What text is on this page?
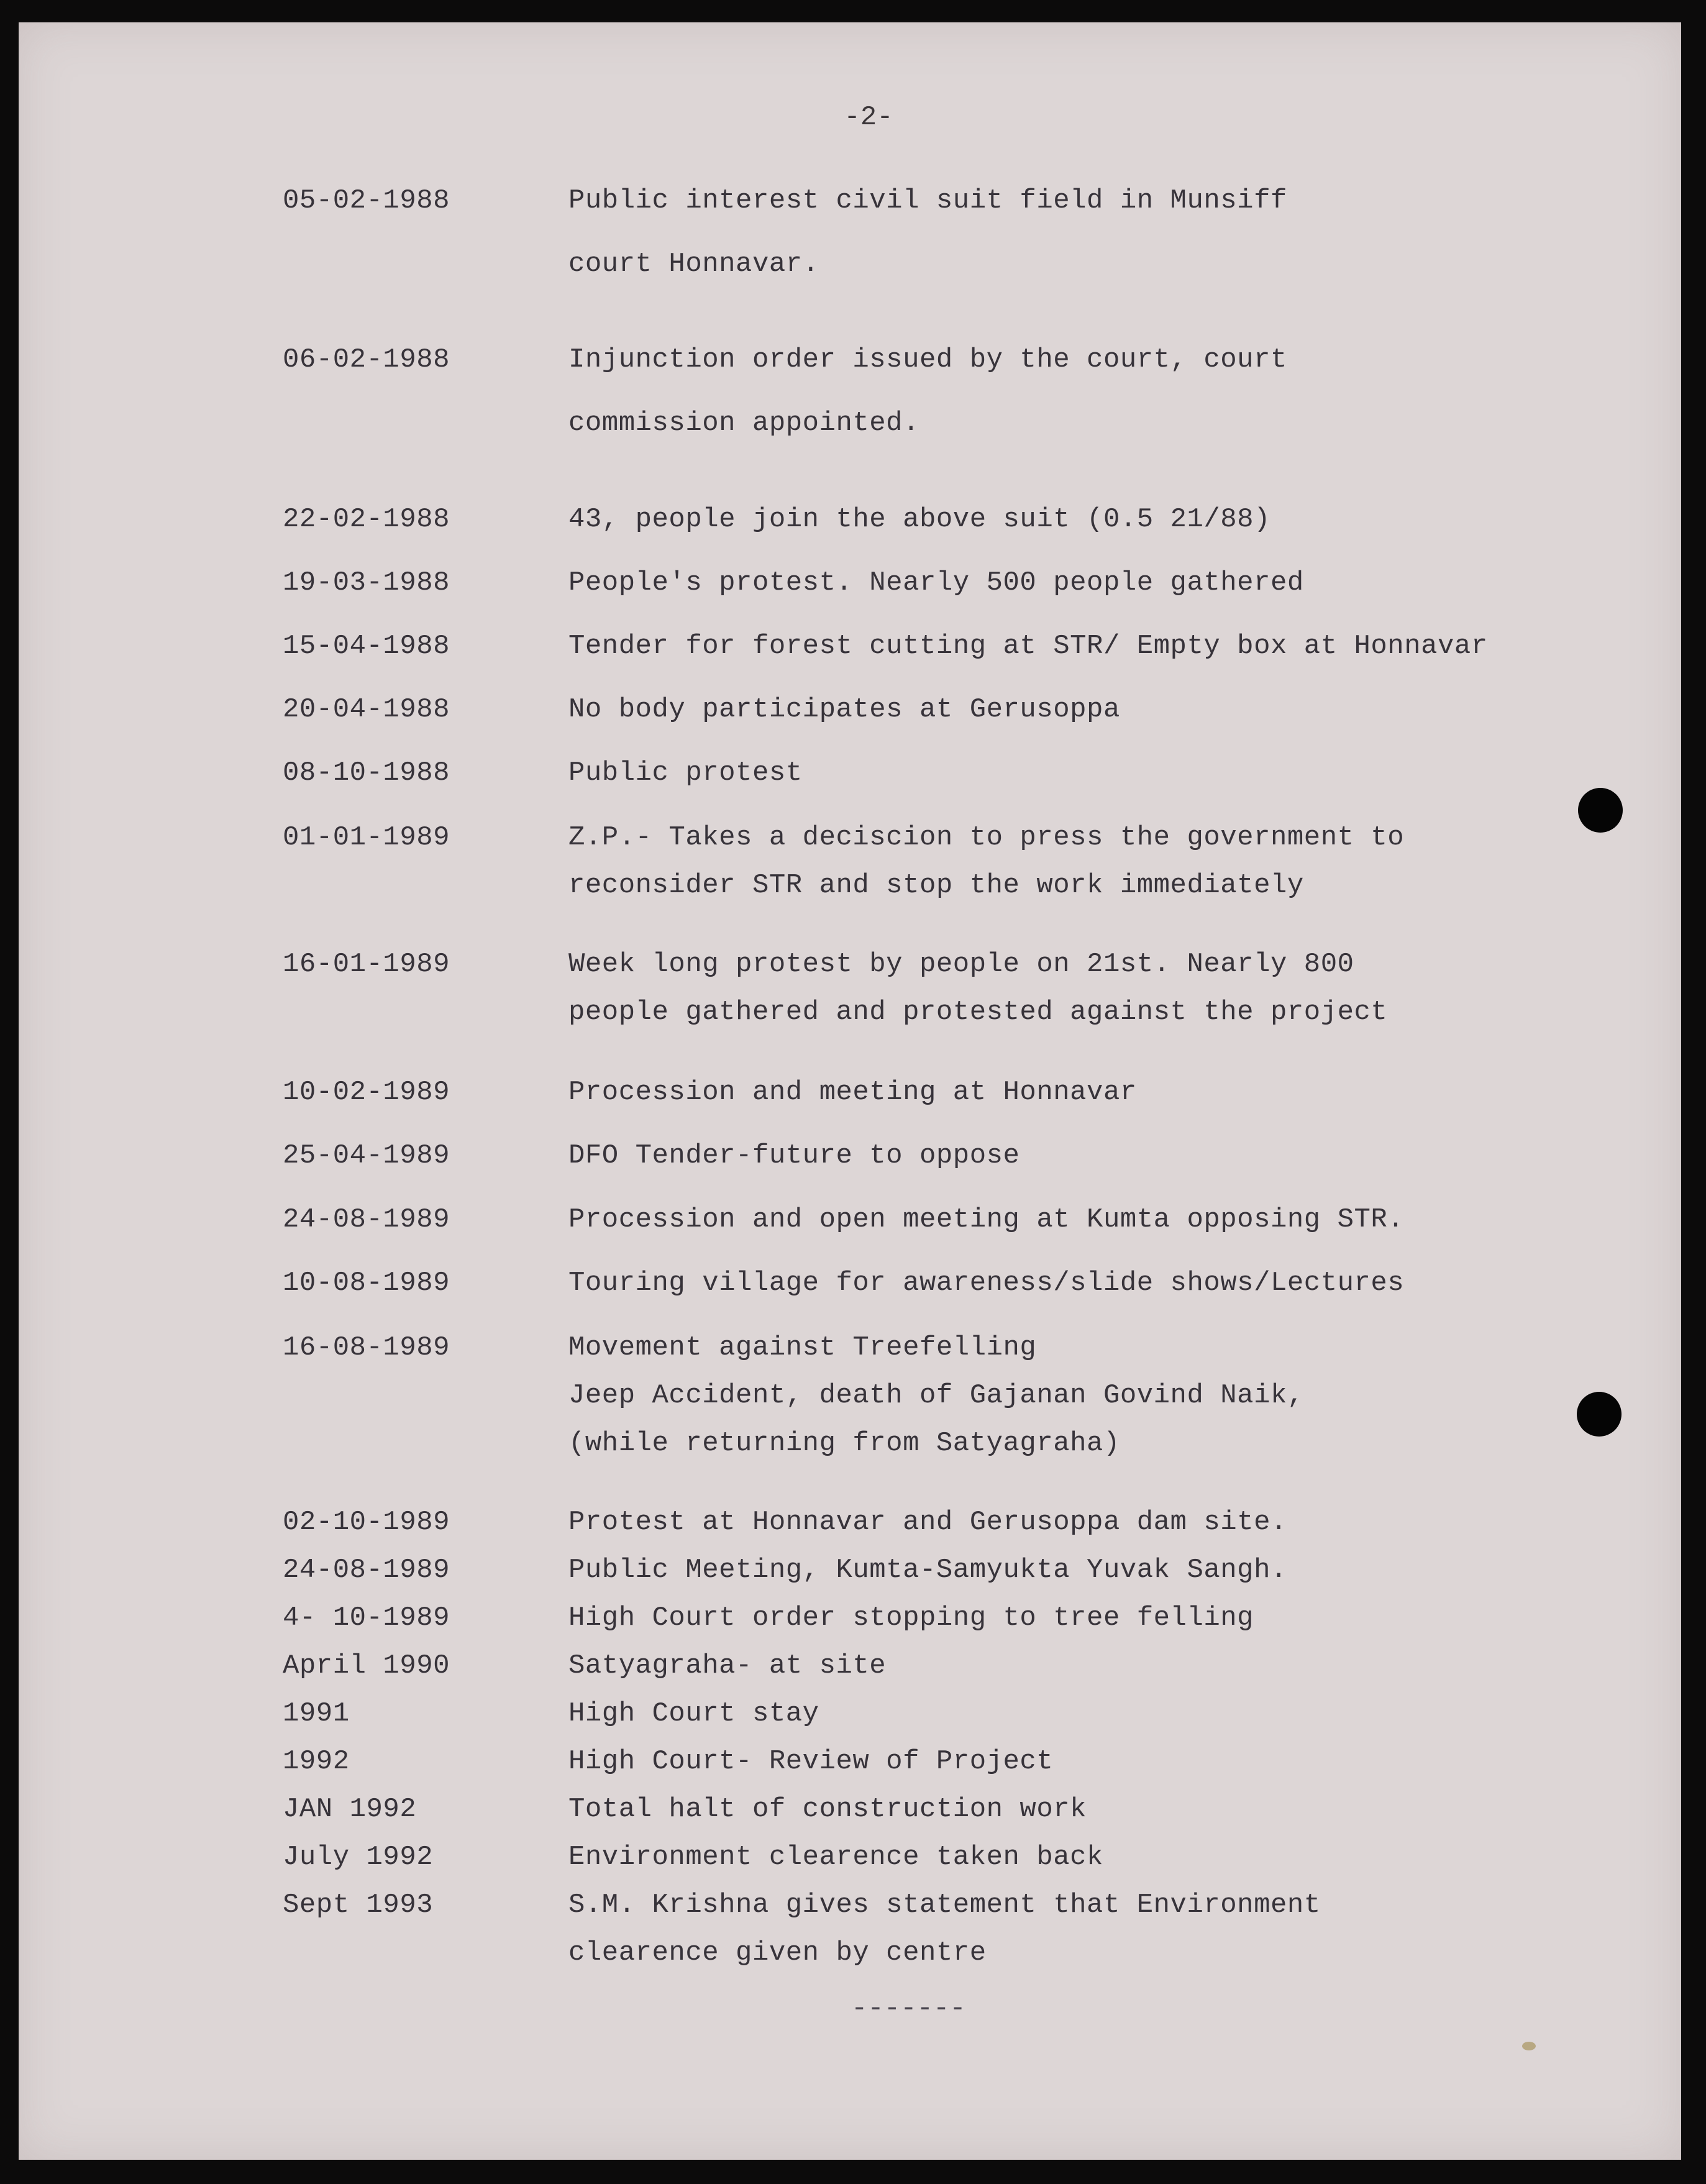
-2-
05-02-1988	Public interest civil suit field in Munsiff
court Honnavar.
06-02-1988	Injunction order issued by the court, court
commission appointed.
22-02-1988	43, people join the above suit (0.5 21/88)
19-03-1988	People's protest. Nearly 500 people gathered
15-04-1988	Tender for forest cutting at STR/ Empty box at Honnavar
20-04-1988	No body participates at Gerusoppa
08-10-1988	Public protest
01-01-1989	Z.P.- Takes a deciscion to press the government to
reconsider STR and stop the work immediately
16-01-1989	Week long protest by people on 21st. Nearly 800
people gathered and protested against the project
10-02-1989	Procession and meeting at Honnavar
25-04-1989	DFO Tender-future to oppose
24-08-1989	Procession and open meeting at Kumta opposing STR.
10-08-1989	Touring village for awareness/slide shows/Lectures
16-08-1989	Movement against Treefelling
Jeep Accident, death of Gajanan Govind Naik,
(while returning from Satyagraha)
02-10-1989	Protest at Honnavar and Gerusoppa dam site.
24-08-1989	Public Meeting, Kumta-Samyukta Yuvak Sangh.
4- 10-1989	High Court order stopping to tree felling
April 1990	Satyagraha- at site
1991	High Court stay
1992	High Court- Review of Project
JAN 1992	Total halt of construction work
July 1992	Environment clearence taken back
Sept 1993	S.M. Krishna gives statement that Environment
clearence given by centre
-------
